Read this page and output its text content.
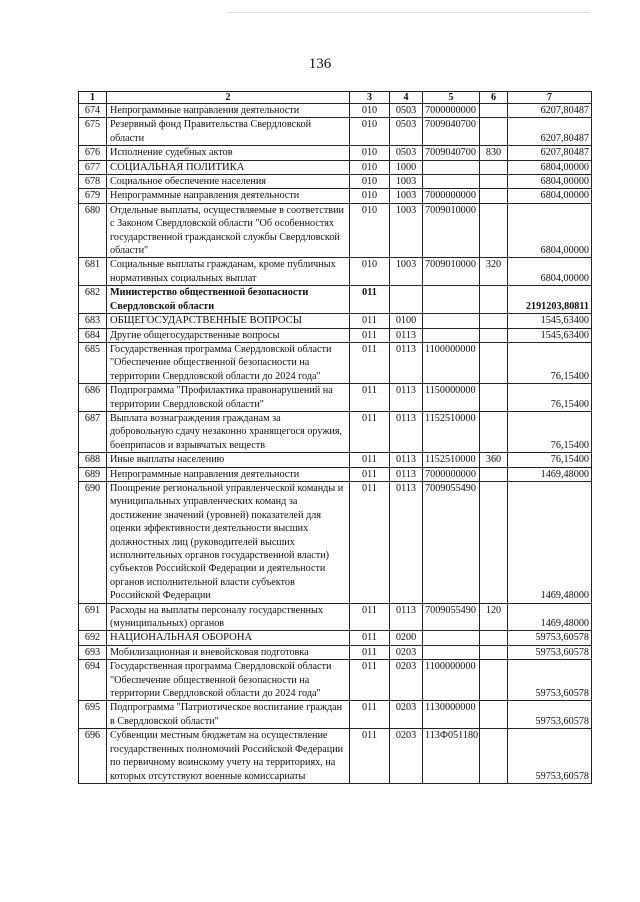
136
1	2	3	4	5	6	7
674	Непрограммные направления деятельности	010	0503	7000000000		6207,80487
675	Резервный фонд Правительства Свердловской области	010	0503	7009040700		6207,80487
676	Исполнение судебных актов	010	0503	7009040700	830	6207,80487
677	СОЦИАЛЬНАЯ ПОЛИТИКА	010	1000			6804,00000
678	Социальное обеспечение населения	010	1003			6804,00000
679	Непрограммные направления деятельности	010	1003	7000000000		6804,00000
680	Отдельные выплаты, осуществляемые в соответствии с Законом Свердловской области "Об особенностях государственной гражданской службы Свердловской области"	010	1003	7009010000		6804,00000
681	Социальные выплаты гражданам, кроме публичных нормативных социальных выплат	010	1003	7009010000	320	6804,00000
682	Министерство общественной безопасности Свердловской области	011				2191203,80811
683	ОБЩЕГОСУДАРСТВЕННЫЕ ВОПРОСЫ	011	0100			1545,63400
684	Другие общегосударственные вопросы	011	0113			1545,63400
685	Государственная программа Свердловской области "Обеспечение общественной безопасности на территории Свердловской области до 2024 года"	011	0113	1100000000		76,15400
686	Подпрограмма "Профилактика правонарушений на территории Свердловской области"	011	0113	1150000000		76,15400
687	Выплата вознаграждения гражданам за добровольную сдачу незаконно хранящегося оружия, боеприпасов и взрывчатых веществ	011	0113	1152510000		76,15400
688	Иные выплаты населению	011	0113	1152510000	360	76,15400
689	Непрограммные направления деятельности	011	0113	7000000000		1469,48000
690	Поощрение региональной управленческой команды и муниципальных управленческих команд за достижение значений (уровней) показателей для оценки эффективности деятельности высших должностных лиц (руководителей высших исполнительных органов государственной власти) субъектов Российской Федерации и деятельности органов исполнительной власти субъектов Российской Федерации	011	0113	7009055490		1469,48000
691	Расходы на выплаты персоналу государственных (муниципальных) органов	011	0113	7009055490	120	1469,48000
692	НАЦИОНАЛЬНАЯ ОБОРОНА	011	0200			59753,60578
693	Мобилизационная и вневойсковая подготовка	011	0203			59753,60578
694	Государственная программа Свердловской области "Обеспечение общественной безопасности на территории Свердловской области до 2024 года"	011	0203	1100000000		59753,60578
695	Подпрограмма "Патриотическое воспитание граждан в Свердловской области"	011	0203	1130000000		59753,60578
696	Субвенции местным бюджетам на осуществление государственных полномочий Российской Федерации по первичному воинскому учету на территориях, на которых отсутствуют военные комиссариаты	011	0203	113Ф051180		59753,60578
